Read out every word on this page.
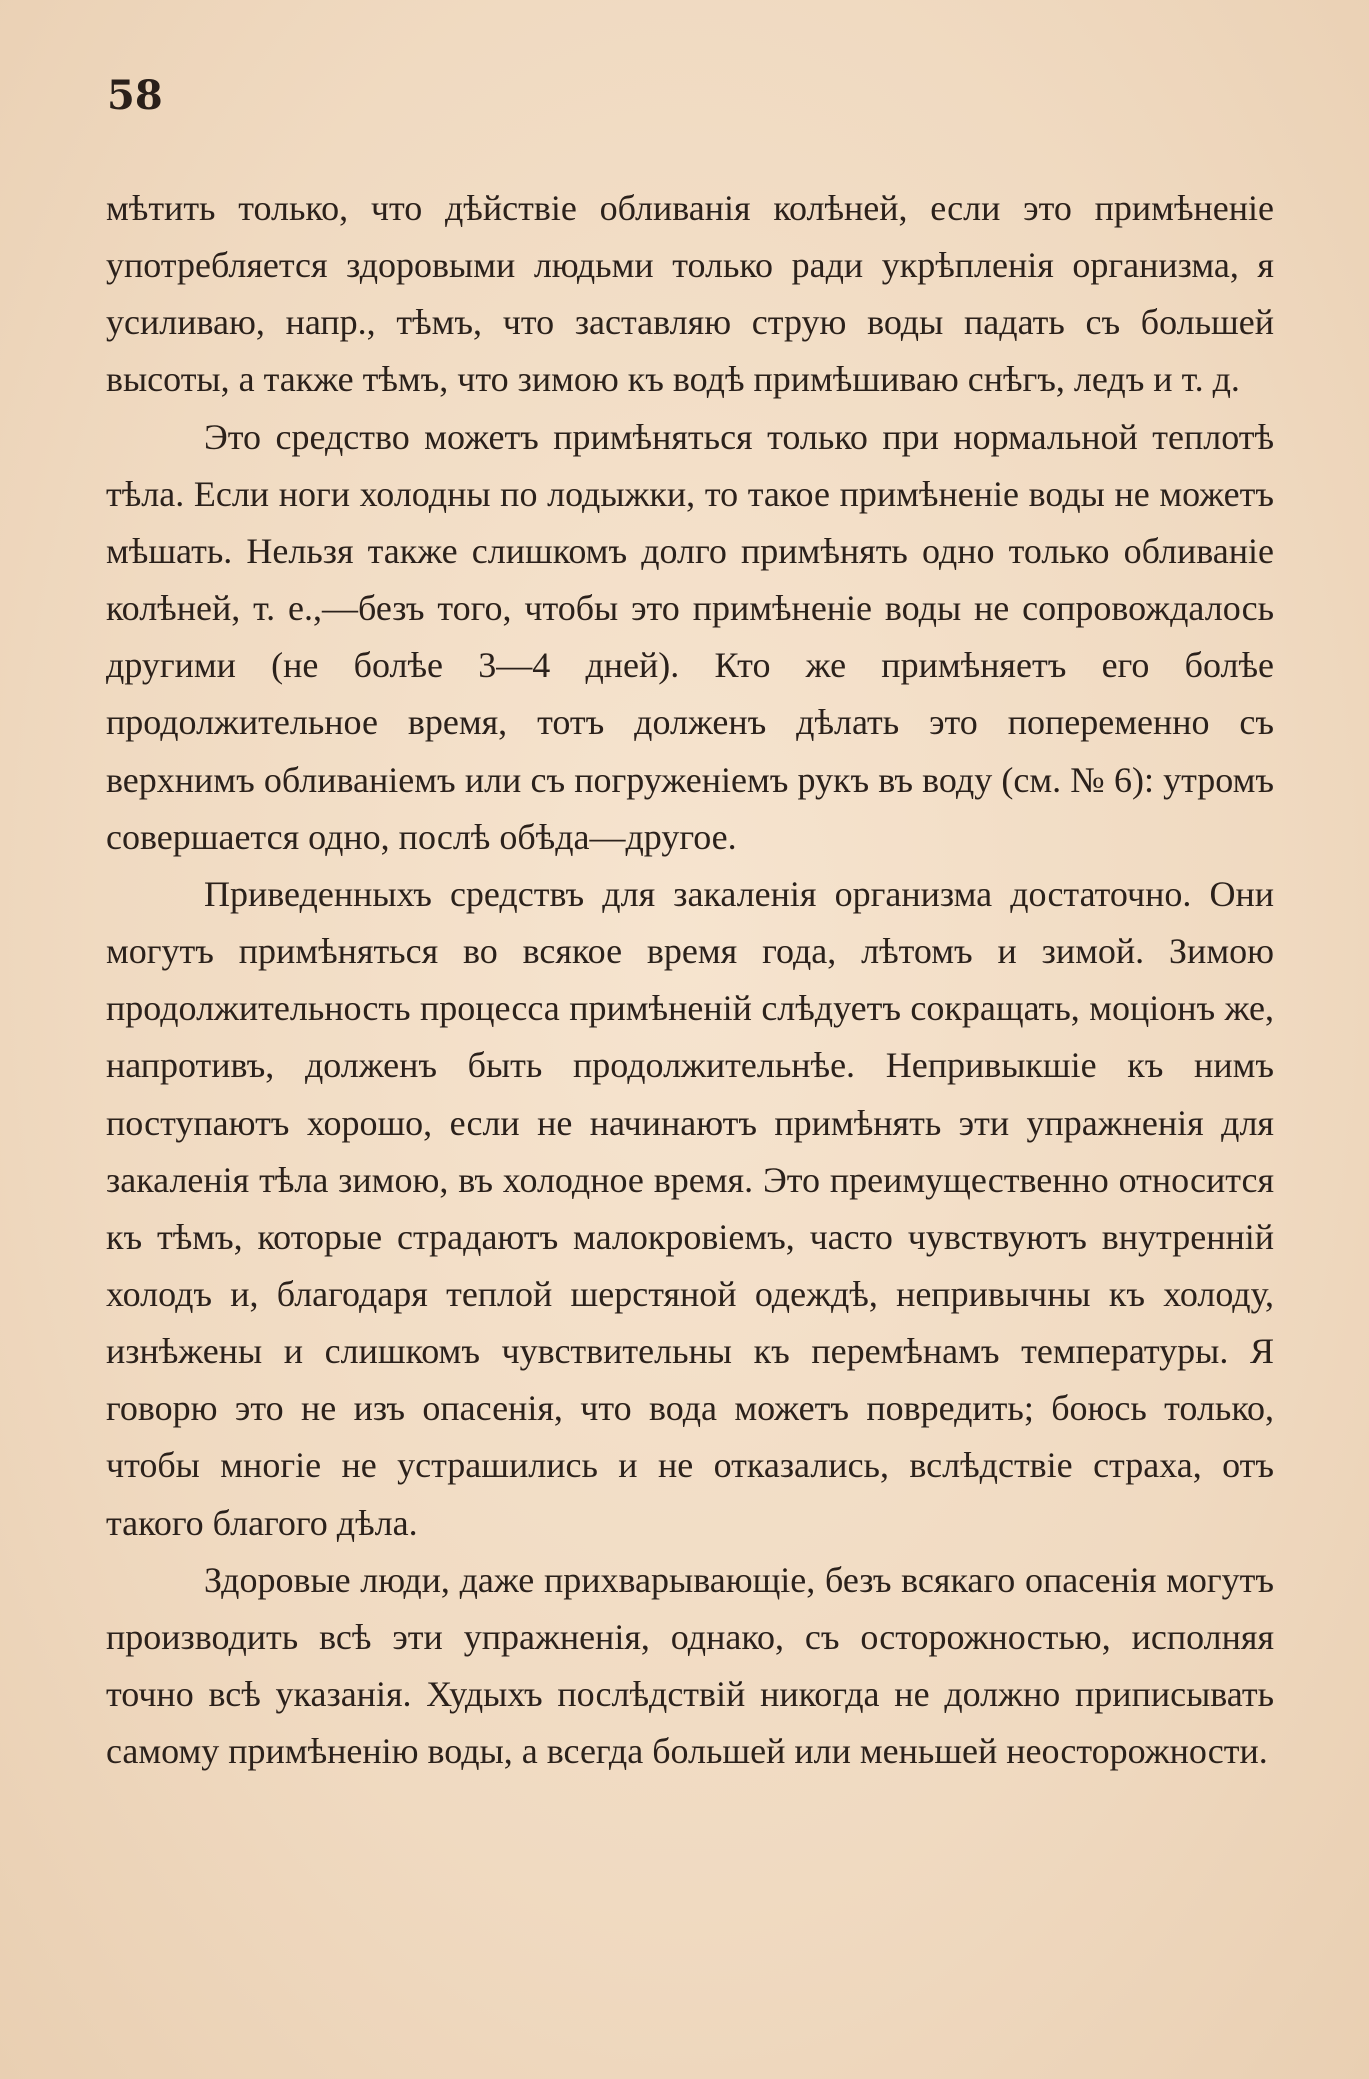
58

мѣтить только, что дѣйствіе обливанія колѣней, если это примѣненіе употребляется здоровыми людьми только ради укрѣпленія организма, я усиливаю, напр., тѣмъ, что заставляю струю воды падать съ большей высоты, а также тѣмъ, что зимою къ водѣ примѣшиваю снѣгъ, ледъ и т. д.

Это средство можетъ примѣняться только при нормальной теплотѣ тѣла. Если ноги холодны по лодыжки, то такое примѣненіе воды не можетъ мѣшать. Нельзя также слишкомъ долго примѣнять одно только обливаніе колѣней, т. е.,—безъ того, чтобы это примѣненіе воды не сопровождалось другими (не болѣе 3—4 дней). Кто же примѣняетъ его болѣе продолжительное время, тотъ долженъ дѣлать это попеременно съ верхнимъ обливаніемъ или съ погруженіемъ рукъ въ воду (см. № 6): утромъ совершается одно, послѣ обѣда—другое.

Приведенныхъ средствъ для закаленія организма достаточно. Они могутъ примѣняться во всякое время года, лѣтомъ и зимой. Зимою продолжительность процесса примѣненій слѣдуетъ сокращать, моціонъ же, напротивъ, долженъ быть продолжительнѣе. Непривыкшіе къ нимъ поступаютъ хорошо, если не начинаютъ примѣнять эти упражненія для закаленія тѣла зимою, въ холодное время. Это преимущественно относится къ тѣмъ, которые страдаютъ малокровіемъ, часто чувствуютъ внутренній холодъ и, благодаря теплой шерстяной одеждѣ, непривычны къ холоду, изнѣжены и слишкомъ чувствительны къ перемѣнамъ температуры. Я говорю это не изъ опасенія, что вода можетъ повредить; боюсь только, чтобы многіе не устрашились и не отказались, вслѣдствіе страха, отъ такого благого дѣла.

Здоровые люди, даже прихварывающіе, безъ всякаго опасенія могутъ производить всѣ эти упражненія, однако, съ осторожностью, исполняя точно всѣ указанія. Худыхъ послѣдствій никогда не должно приписывать самому примѣненію воды, а всегда большей или меньшей неосторожности.
